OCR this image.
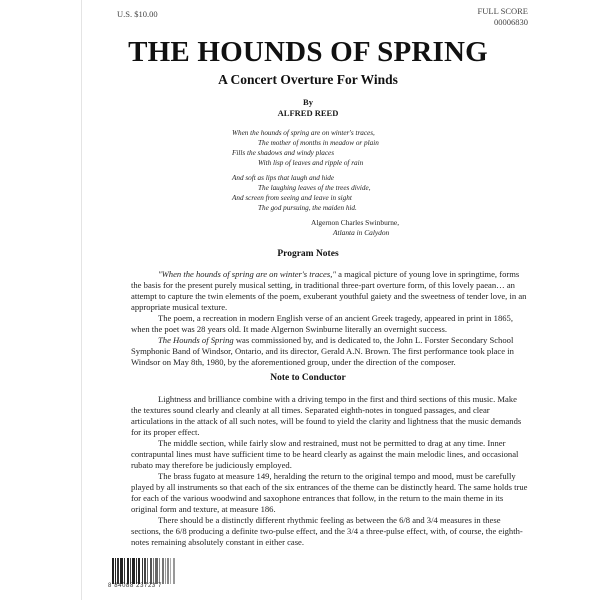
U.S. $10.00	FULL SCORE
00006830
THE HOUNDS OF SPRING
A Concert Overture For Winds
By
ALFRED REED
When the hounds of spring are on winter's traces,
The mother of months in meadow or plain
Fills the shadows and windy places
With lisp of leaves and ripple of rain
And soft as lips that laugh and hide
The laughing leaves of the trees divide,
And screen from seeing and leave in sight
The god pursuing, the maiden hid.
Algernon Charles Swinburne,
Atlanta in Calydon
Program Notes

"When the hounds of spring are on winter's traces," a magical picture of young love in springtime, forms the basis for the present purely musical setting, in traditional three-part overture form, of this lovely paean… an attempt to capture the twin elements of the poem, exuberant youthful gaiety and the sweetness of tender love, in an appropriate musical texture.

The poem, a recreation in modern English verse of an ancient Greek tragedy, appeared in print in 1865, when the poet was 28 years old. It made Algernon Swinburne literally an overnight success.

The Hounds of Spring was commissioned by, and is dedicated to, the John L. Forster Secondary School Symphonic Band of Windsor, Ontario, and its director, Gerald A.N. Brown. The first performance took place in Windsor on May 8th, 1980, by the aforementioned group, under the direction of the composer.

Note to Conductor

Lightness and brilliance combine with a driving tempo in the first and third sections of this music. Make the textures sound clearly and cleanly at all times. Separated eighth-notes in tongued passages, and clear articulations in the attack of all such notes, will be found to yield the clarity and lightness that the music demands for its proper effect.

The middle section, while fairly slow and restrained, must not be permitted to drag at any time. Inner contrapuntal lines must have sufficient time to be heard clearly as against the main melodic lines, and occasional rubato may therefore be judiciously employed.

The brass fugato at measure 149, heralding the return to the original tempo and mood, must be carefully played by all instruments so that each of the six entrances of the theme can be distinctly heard. The same holds true for each of the various woodwind and saxophone entrances that follow, in the return to the main theme in its original form and texture, at measure 186.

There should be a distinctly different rhythmic feeling as between the 6/8 and 3/4 measures in these sections, the 6/8 producing a definite two-pulse effect, and the 3/4 a three-pulse effect, with, of course, the eighth-notes remaining absolutely constant in either case.

8 84088 23723 7
